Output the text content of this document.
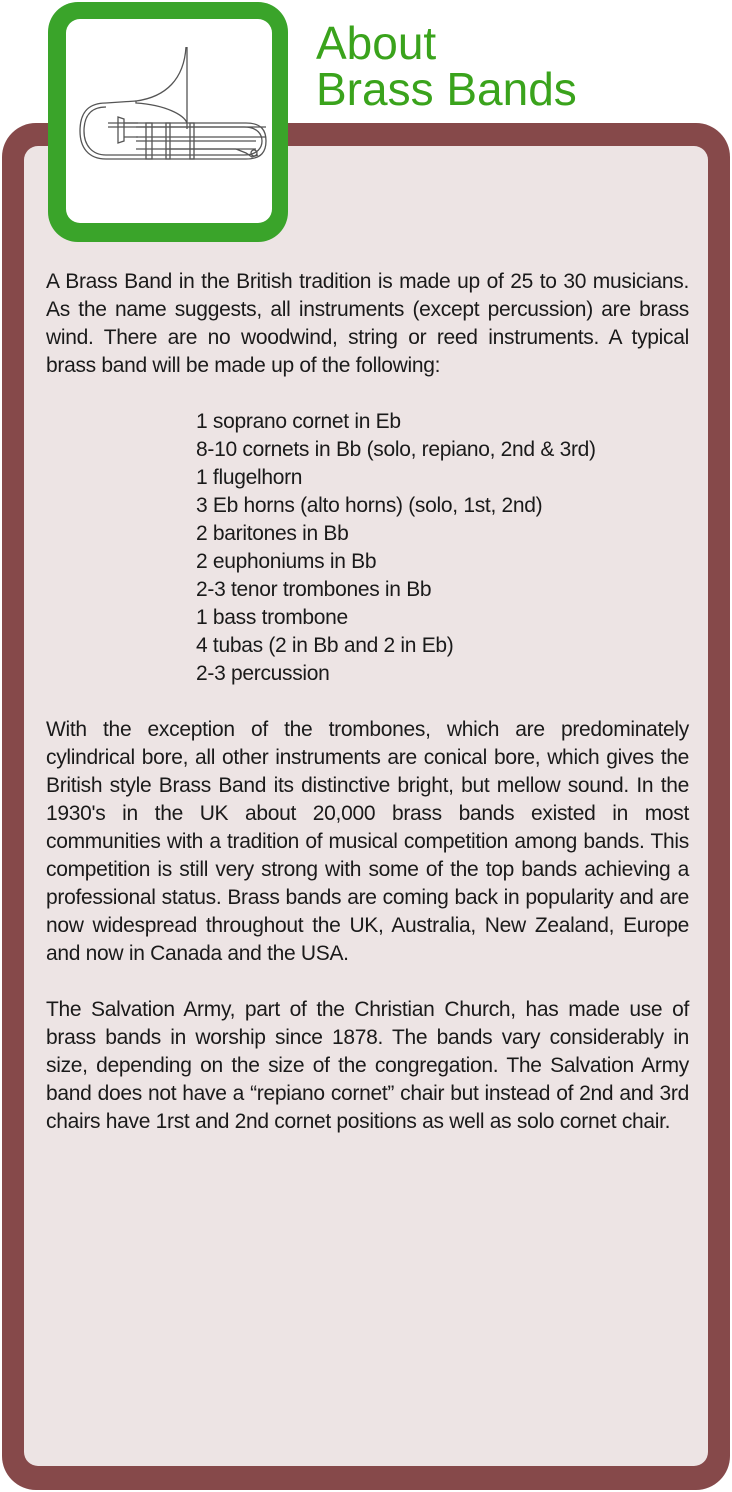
About
Brass Bands

A Brass Band in the British tradition is made up of 25 to 30 musicians. As the name suggests, all instruments (except percussion) are brass wind. There are no woodwind, string or reed instruments. A typical brass band will be made up of the following:

1 soprano cornet in Eb
8-10 cornets in Bb (solo, repiano, 2nd & 3rd)
1 flugelhorn
3 Eb horns (alto horns) (solo, 1st, 2nd)
2 baritones in Bb
2 euphoniums in Bb
2-3 tenor trombones in Bb
1 bass trombone
4 tubas (2 in Bb and 2 in Eb)
2-3 percussion

With the exception of the trombones, which are predominately cylindrical bore, all other instruments are conical bore, which gives the British style Brass Band its distinctive bright, but mellow sound. In the 1930's in the UK about 20,000 brass bands existed in most communities with a tradition of musical competition among bands. This competition is still very strong with some of the top bands achieving a professional status. Brass bands are coming back in popularity and are now widespread throughout the UK, Australia, New Zealand, Europe and now in Canada and the USA.

The Salvation Army, part of the Christian Church, has made use of brass bands in worship since 1878. The bands vary considerably in size, depending on the size of the congregation. The Salvation Army band does not have a “repiano cornet” chair but instead of 2nd and 3rd chairs have 1rst and 2nd cornet positions as well as solo cornet chair.
